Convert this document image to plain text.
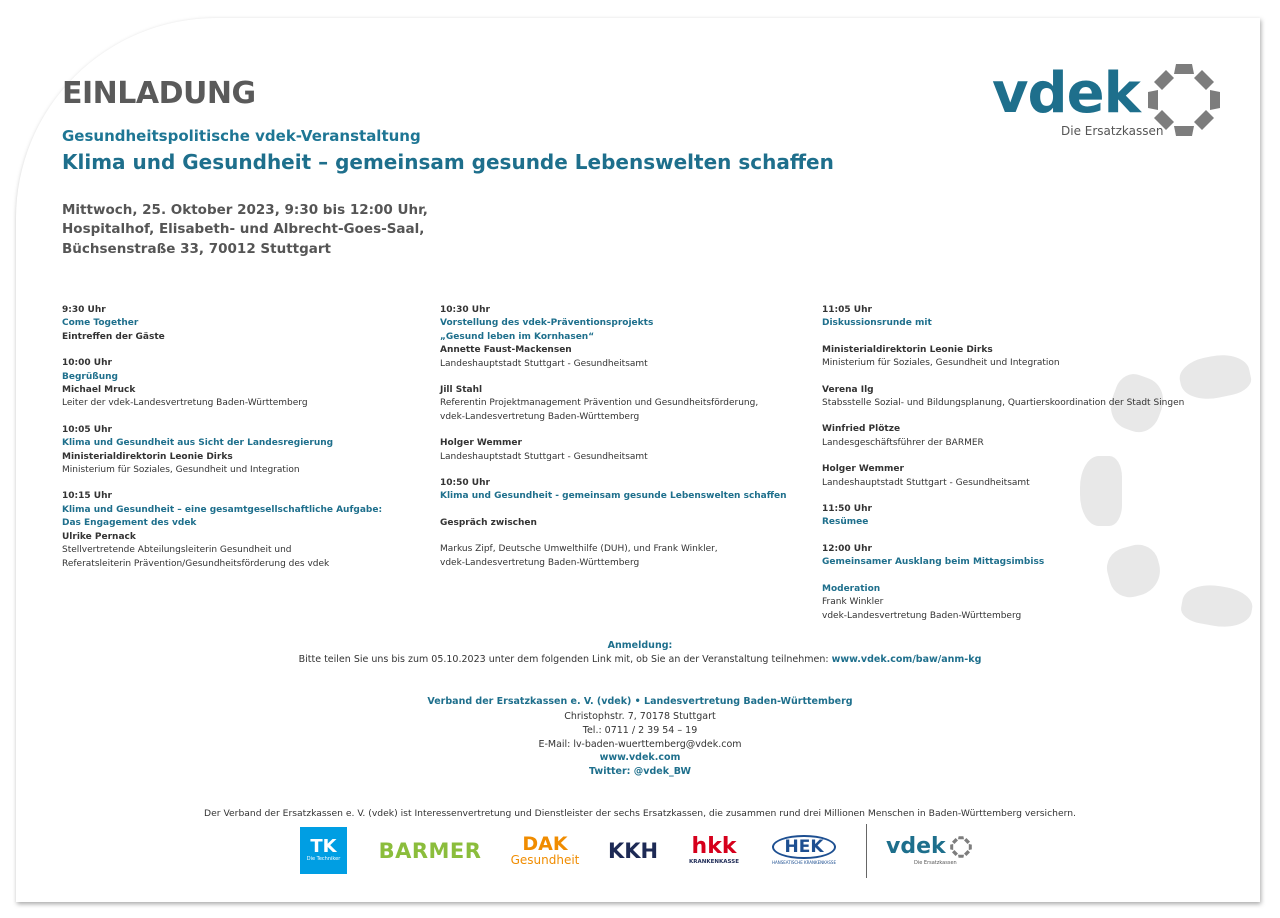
EINLADUNG
Gesundheitspolitische vdek-Veranstaltung
Klima und Gesundheit – gemeinsam gesunde Lebenswelten schaffen
Mittwoch, 25. Oktober 2023, 9:30 bis 12:00 Uhr,
Hospitalhof, Elisabeth- und Albrecht-Goes-Saal,
Büchsenstraße 33, 70012 Stuttgart
vdek
Die Ersatzkassen
9:30 Uhr
Come Together
Eintreffen der Gäste
10:00 Uhr
Begrüßung
Michael Mruck
Leiter der vdek-Landesvertretung Baden-Württemberg
10:05 Uhr
Klima und Gesundheit aus Sicht der Landesregierung
Ministerialdirektorin Leonie Dirks
Ministerium für Soziales, Gesundheit und Integration
10:15 Uhr
Klima und Gesundheit – eine gesamtgesellschaftliche Aufgabe:
Das Engagement des vdek
Ulrike Pernack
Stellvertretende Abteilungsleiterin Gesundheit und
Referatsleiterin Prävention/Gesundheitsförderung des vdek
10:30 Uhr
Vorstellung des vdek-Präventionsprojekts
„Gesund leben im Kornhasen“
Annette Faust-Mackensen
Landeshauptstadt Stuttgart - Gesundheitsamt
Jill Stahl
Referentin Projektmanagement Prävention und Gesundheitsförderung,
vdek-Landesvertretung Baden-Württemberg
Holger Wemmer
Landeshauptstadt Stuttgart - Gesundheitsamt
10:50 Uhr
Klima und Gesundheit - gemeinsam gesunde Lebenswelten schaffen
Gespräch zwischen
Markus Zipf, Deutsche Umwelthilfe (DUH), und Frank Winkler,
vdek-Landesvertretung Baden-Württemberg
11:05 Uhr
Diskussionsrunde mit
Ministerialdirektorin Leonie Dirks
Ministerium für Soziales, Gesundheit und Integration
Verena Ilg
Stabsstelle Sozial- und Bildungsplanung, Quartierskoordination der Stadt Singen
Winfried Plötze
Landesgeschäftsführer der BARMER
Holger Wemmer
Landeshauptstadt Stuttgart - Gesundheitsamt
11:50 Uhr
Resümee
12:00 Uhr
Gemeinsamer Ausklang beim Mittagsimbiss
Moderation
Frank Winkler
vdek-Landesvertretung Baden-Württemberg
Anmeldung:
Bitte teilen Sie uns bis zum 05.10.2023 unter dem folgenden Link mit, ob Sie an der Veranstaltung teilnehmen: www.vdek.com/baw/anm-kg
Verband der Ersatzkassen e. V. (vdek) • Landesvertretung Baden-Württemberg
Christophstr. 7, 70178 Stuttgart
Tel.: 0711 / 2 39 54 – 19
E-Mail: lv-baden-wuerttemberg@vdek.com
www.vdek.com
Twitter: @vdek_BW
Der Verband der Ersatzkassen e. V. (vdek) ist Interessenvertretung und Dienstleister der sechs Ersatzkassen, die zusammen rund drei Millionen Menschen in Baden-Württemberg versichern.
TK
Die Techniker BARMER DAK
Gesundheit KKH hkk
KRANKENKASSE
HEK
HANSEATISCHE KRANKENKASSE
vdek
Die Ersatzkassen
